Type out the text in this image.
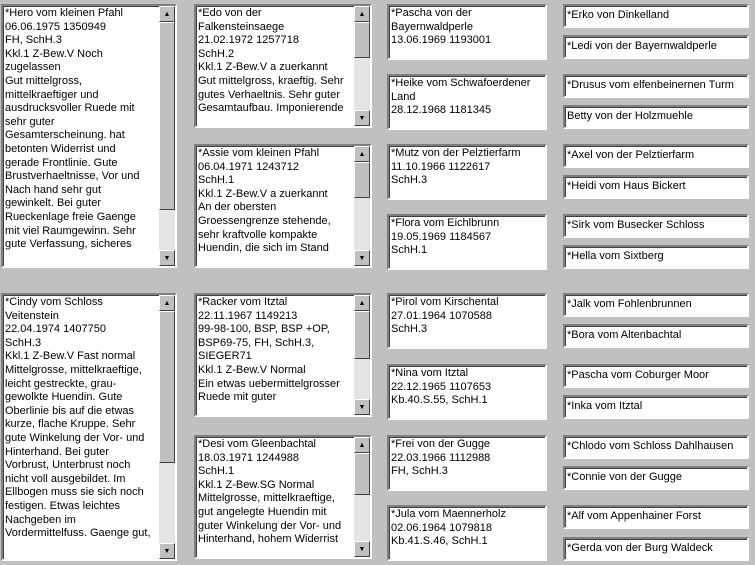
*Hero vom kleinen Pfahl
06.06.1975 1350949
FH, SchH.3
Kkl.1 Z-Bew.V Noch
zugelassen
Gut mittelgross,
mittelkraeftiger und
ausdrucksvoller Ruede mit
sehr guter
Gesamterscheinung. hat
betonten Widerrist und
gerade Frontlinie. Gute
Brustverhaeltnisse, Vor und
Nach hand sehr gut
gewinkelt. Bei guter
Rueckenlage freie Gaenge
mit viel Raumgewinn. Sehr
gute Verfassung, sicheres
▲
▼
*Edo von der
Falkensteinsaege
21.02.1972 1257718
SchH.2
Kkl.1 Z-Bew.V a zuerkannt
Gut mittelgross, kraeftig. Sehr
gutes Verhaeltnis. Sehr guter
Gesamtaufbau. Imponierende
▲
▼
*Assie vom kleinen Pfahl
06.04.1971 1243712
SchH.1
Kkl.1 Z-Bew.V a zuerkannt
An der obersten
Groessengrenze stehende,
sehr kraftvolle kompakte
Huendin, die sich im Stand
▲
▼
*Pascha von der
Bayernwaldperle
13.06.1969 1193001
*Heike vom Schwafoerdener
Land
28.12.1968 1181345
*Mutz von der Pelztierfarm
11.10.1966 1122617
SchH.3
*Flora vom Eichlbrunn
19.05.1969 1184567
SchH.1
*Erko von Dinkelland
*Ledi von der Bayernwaldperle
*Drusus vom elfenbeinernen Turm
Betty von der Holzmuehle
*Axel von der Pelztierfarm
*Heidi vom Haus Bickert
*Sirk vom Busecker Schloss
*Hella vom Sixtberg
*Cindy vom Schloss
Veitenstein
22.04.1974 1407750
SchH.3
Kkl.1 Z-Bew.V Fast normal
Mittelgrosse, mittelkraeftige,
leicht gestreckte, grau-
gewolkte Huendin. Gute
Oberlinie bis auf die etwas
kurze, flache Kruppe. Sehr
gute Winkelung der Vor- und
Hinterhand. Bei guter
Vorbrust, Unterbrust noch
nicht voll ausgebildet. Im
Ellbogen muss sie sich noch
festigen. Etwas leichtes
Nachgeben im
Vordermittelfuss. Gaenge gut,
▲
▼
*Racker vom Itztal
22.11.1967 1149213
99-98-100, BSP, BSP +OP,
BSP69-75, FH, SchH.3,
SIEGER71
Kkl.1 Z-Bew.V Normal
Ein etwas uebermittelgrosser
Ruede mit guter
▲
▼
*Desi vom Gleenbachtal
18.03.1971 1244988
SchH.1
Kkl.1 Z-Bew.SG Normal
Mittelgrosse, mittelkraeftige,
gut angelegte Huendin mit
guter Winkelung der Vor- und
Hinterhand, hohem Widerrist
▲
▼
*Pirol vom Kirschental
27.01.1964 1070588
SchH.3
*Nina vom Itztal
22.12.1965 1107653
Kb.40.S.55, SchH.1
*Frei von der Gugge
22.03.1966 1112988
FH, SchH.3
*Jula vom Maennerholz
02.06.1964 1079818
Kb.41.S.46, SchH.1
*Jalk vom Fohlenbrunnen
*Bora vom Altenbachtal
*Pascha vom Coburger Moor
*Inka vom Itztal
*Chlodo vom Schloss Dahlhausen
*Connie von der Gugge
*Alf vom Appenhainer Forst
*Gerda von der Burg Waldeck
